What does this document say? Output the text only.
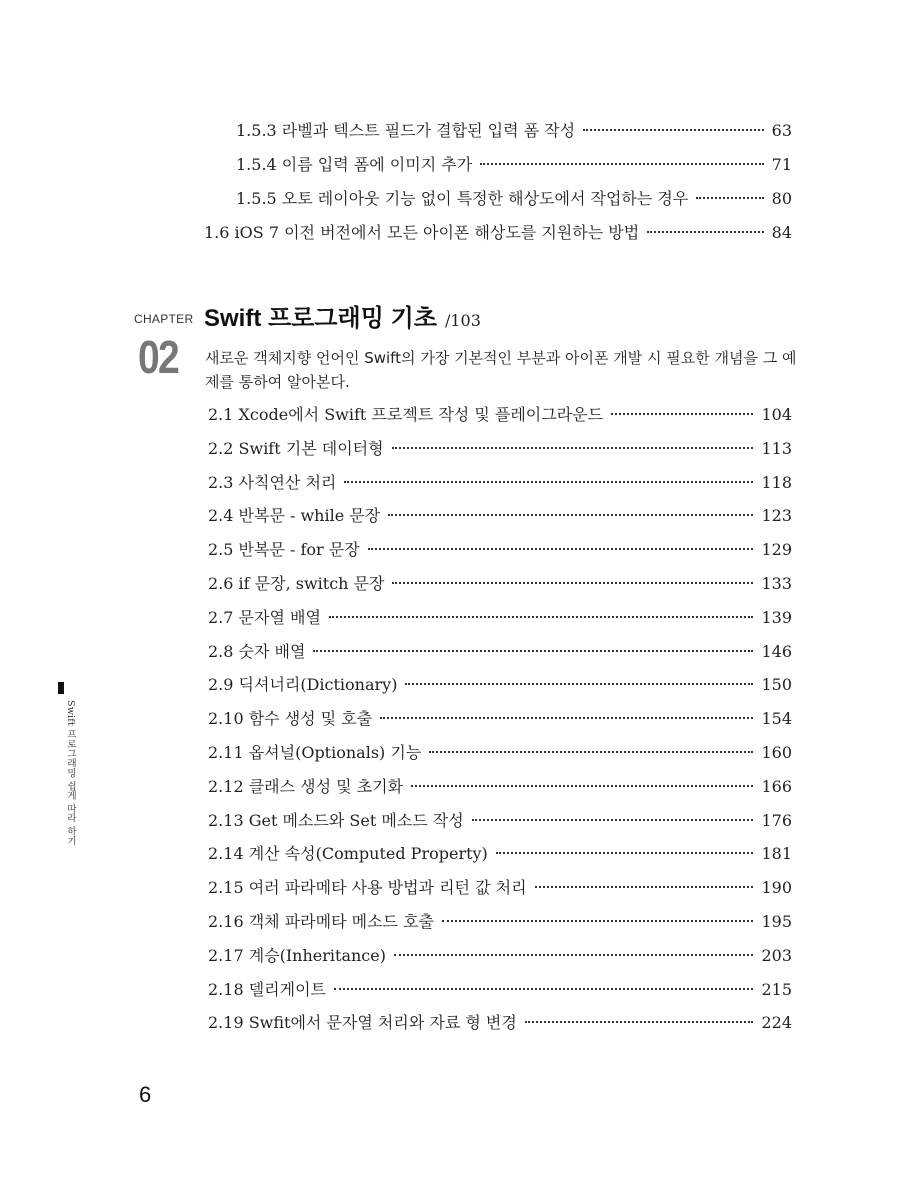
1.5.3 라벨과 텍스트 필드가 결합된 입력 폼 작성	63
1.5.4 이름 입력 폼에 이미지 추가	71
1.5.5 오토 레이아웃 기능 없이 특정한 해상도에서 작업하는 경우	80
1.6 iOS 7 이전 버전에서 모든 아이폰 해상도를 지원하는 방법	84
CHAPTER
02
Swift 프로그래밍 기초 /103
새로운 객체지향 언어인 Swift의 가장 기본적인 부분과 아이폰 개발 시 필요한 개념을 그 예제를 통하여 알아본다.
2.1 Xcode에서 Swift 프로젝트 작성 및 플레이그라운드	104
2.2 Swift 기본 데이터형	113
2.3 사칙연산 처리	118
2.4 반복문 - while 문장	123
2.5 반복문 - for 문장	129
2.6 if 문장, switch 문장	133
2.7 문자열 배열	139
2.8 숫자 배열	146
2.9 딕셔너리(Dictionary)	150
2.10 함수 생성 및 호출	154
2.11 옵셔널(Optionals) 기능	160
2.12 클래스 생성 및 초기화	166
2.13 Get 메소드와 Set 메소드 작성	176
2.14 계산 속성(Computed Property)	181
2.15 여러 파라메타 사용 방법과 리턴 값 처리	190
2.16 객체 파라메타 메소드 호출	195
2.17 계승(Inheritance)	203
2.18 델리게이트	215
2.19 Swfit에서 문자열 처리와 자료 형 변경	224
6
Swift 프로그래밍 쉽게 따라 하기
